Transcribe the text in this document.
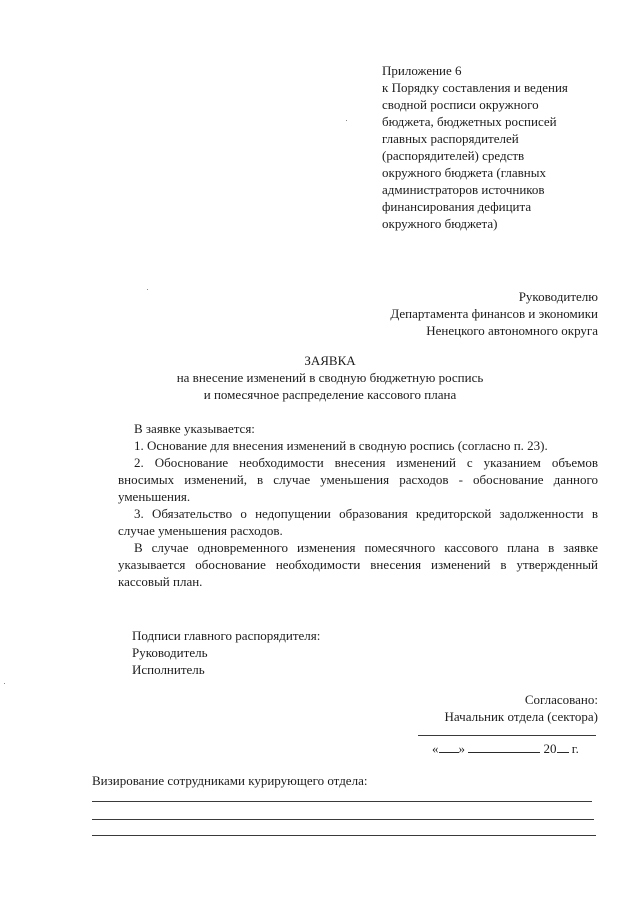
Приложение 6
к Порядку составления и ведения
сводной росписи окружного
бюджета, бюджетных росписей
главных распорядителей
(распорядителей) средств
окружного бюджета (главных
администраторов источников
финансирования дефицита
окружного бюджета)
Руководителю
Департамента финансов и экономики
Ненецкого автономного округа
ЗАЯВКА
на внесение изменений в сводную бюджетную роспись
и помесячное распределение кассового плана
В заявке указывается:
1. Основание для внесения изменений в сводную роспись (согласно п. 23).
2. Обоснование необходимости внесения изменений с указанием объемов вносимых изменений, в случае уменьшения расходов - обоснование данного уменьшения.
3. Обязательство о недопущении образования кредиторской задолженности в случае уменьшения расходов.
В случае одновременного изменения помесячного кассового плана в заявке указывается обоснование необходимости внесения изменений в утвержденный кассовый план.
Подписи главного распорядителя:
Руководитель
Исполнитель
Согласовано:
Начальник отдела (сектора)
« »	20 г.
Визирование сотрудниками курирующего отдела:
